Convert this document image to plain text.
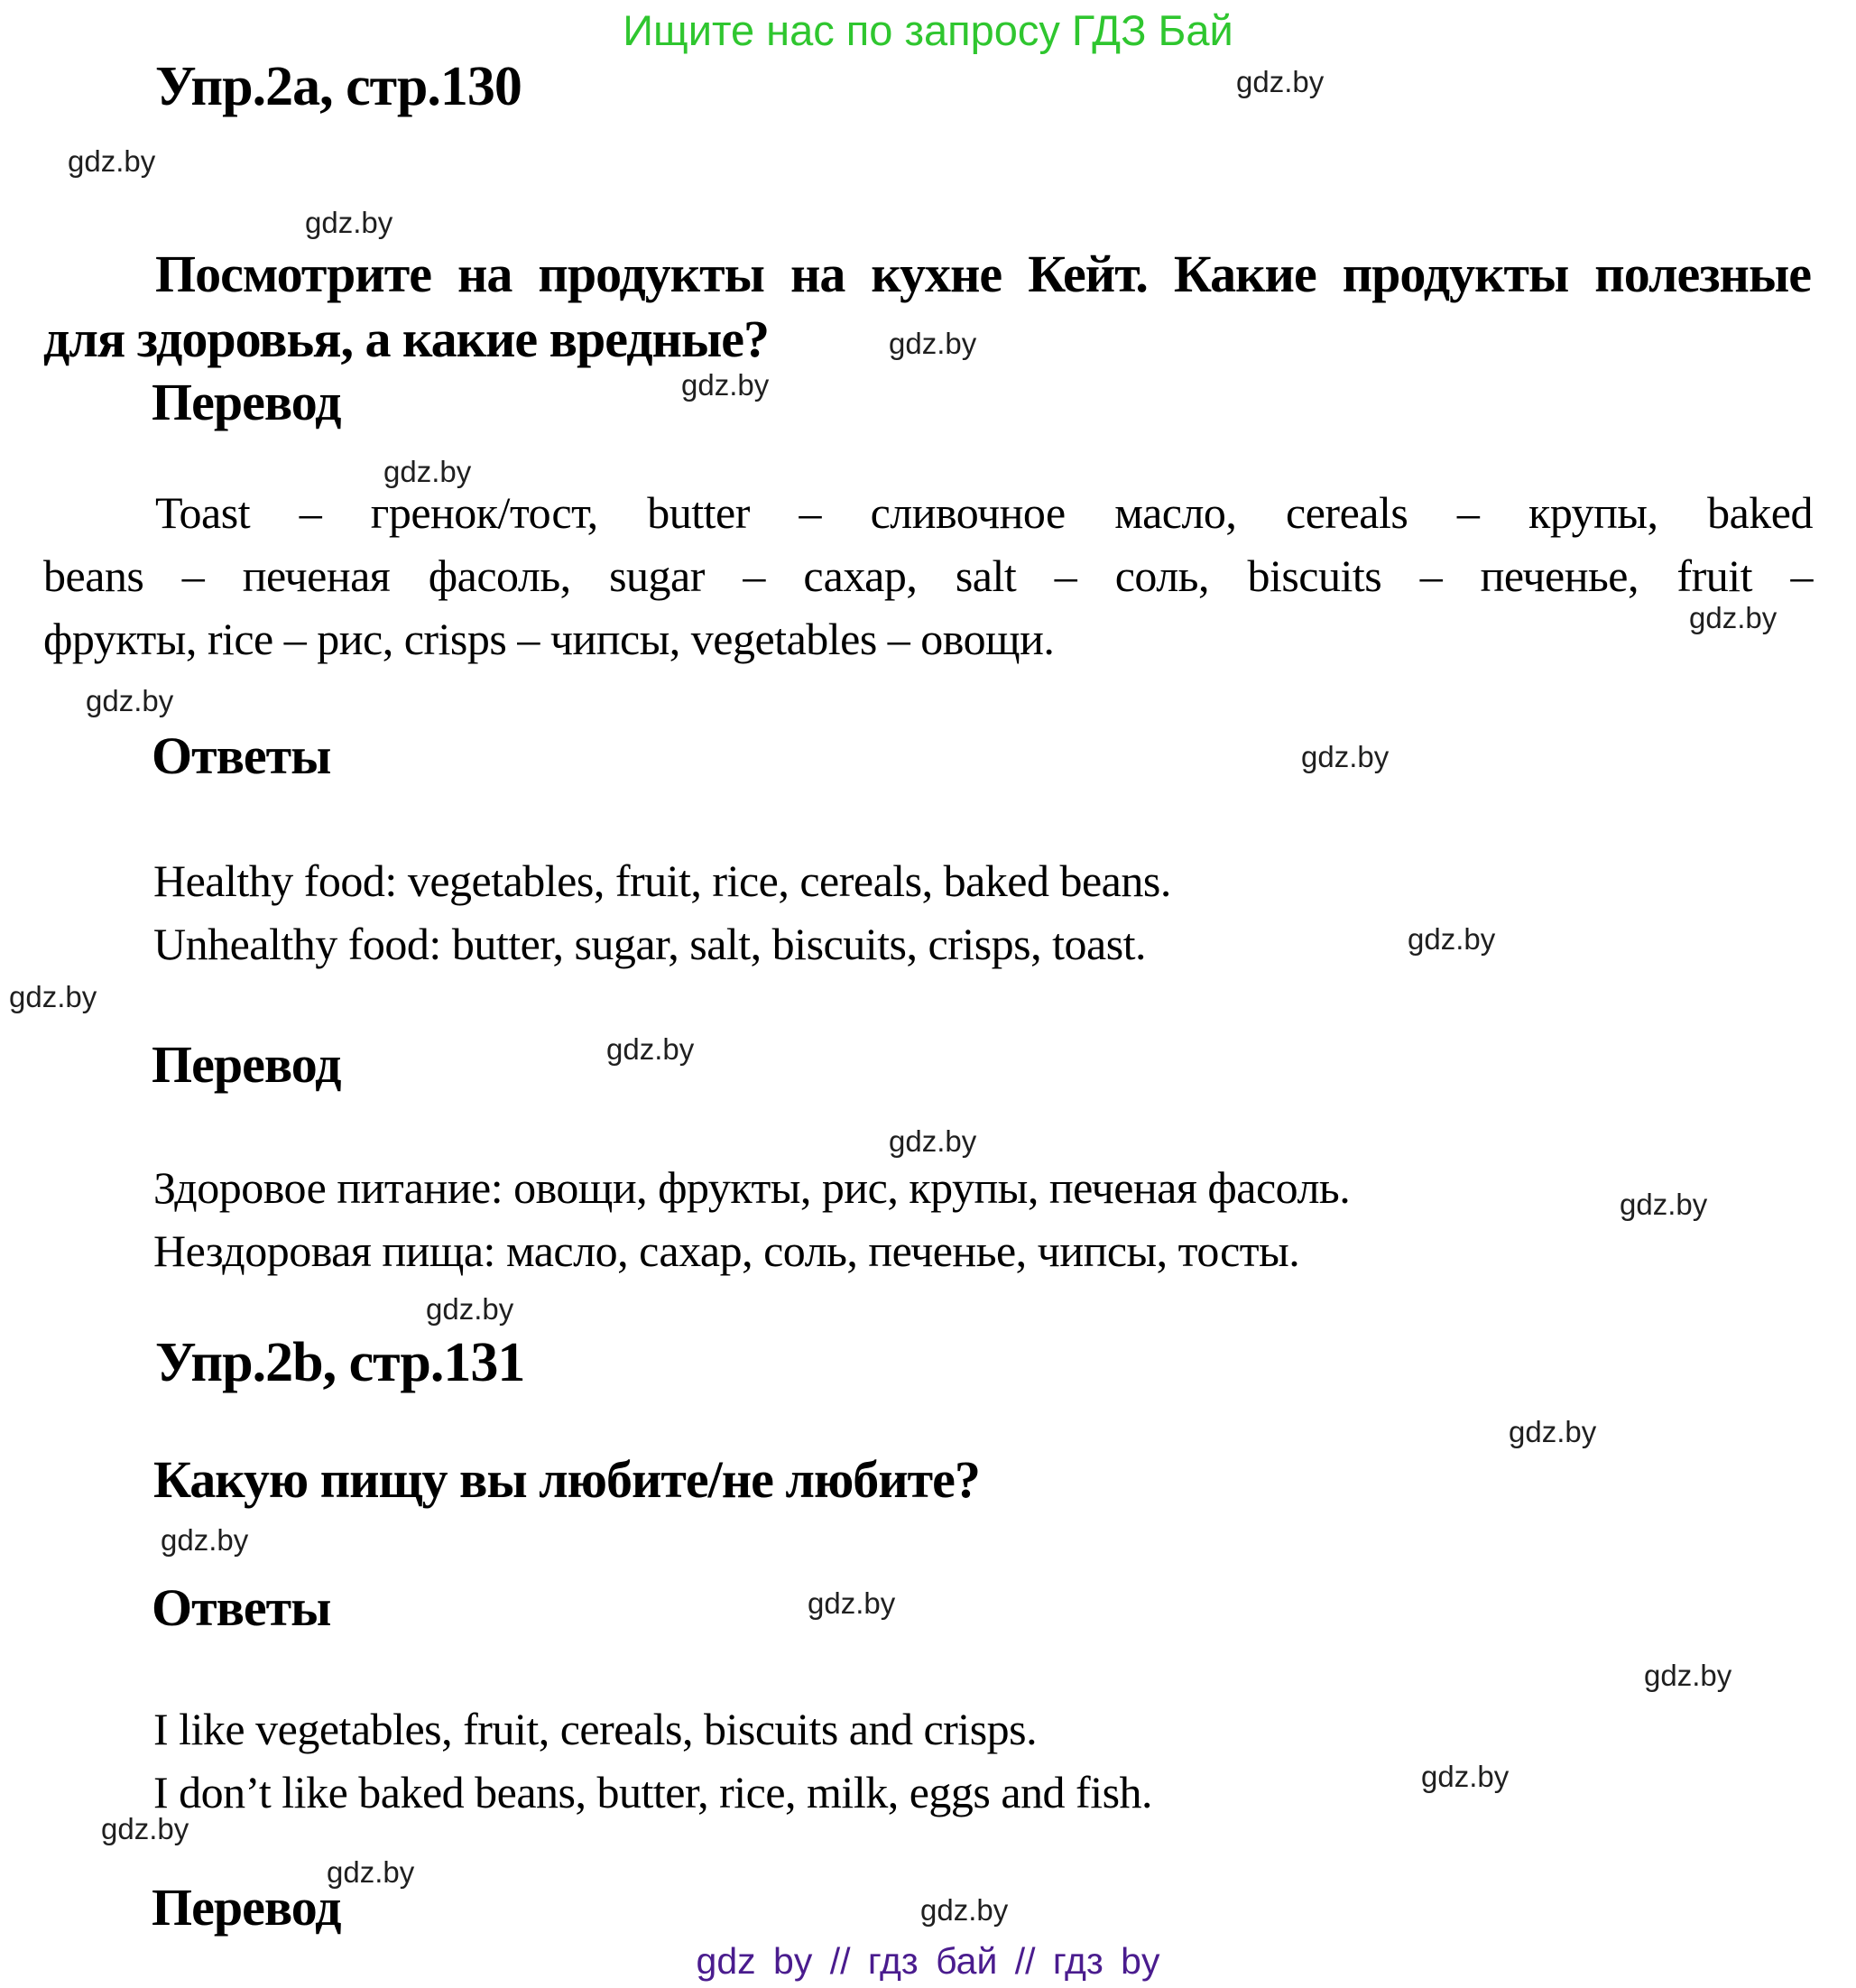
Ищите нас по запросу ГДЗ Бай
gdz.by
gdz.by
gdz.by
gdz.by
gdz.by
gdz.by
gdz.by
gdz.by
gdz.by
gdz.by
gdz.by
gdz.by
gdz.by
gdz.by
gdz.by
gdz.by
gdz.by
gdz.by
gdz.by
gdz.by
gdz.by
gdz.by
gdz.by
Упр.2а, стр.130
Посмотрите на продукты на кухне Кейт. Какие продукты полезные
для здоровья, а какие вредные?
Перевод
Toast – гренок/тост, butter – сливочное масло, cereals – крупы, baked
beans – печеная фасоль, sugar – сахар, salt – соль, biscuits – печенье, fruit –
фрукты, rice – рис, crisps – чипсы, vegetables – овощи.
Ответы
Healthy food: vegetables, fruit, rice, cereals, baked beans.
Unhealthy food: butter, sugar, salt, biscuits, crisps, toast.
Перевод
Здоровое питание: овощи, фрукты, рис, крупы, печеная фасоль.
Нездоровая пища: масло, сахар, соль, печенье, чипсы, тосты.
Упр.2b, стр.131
Какую пищу вы любите/не любите?
Ответы
I like vegetables, fruit, cereals, biscuits and crisps.
I don’t like baked beans, butter, rice, milk, eggs and fish.
Перевод
gdz by // гдз бай // гдз by
